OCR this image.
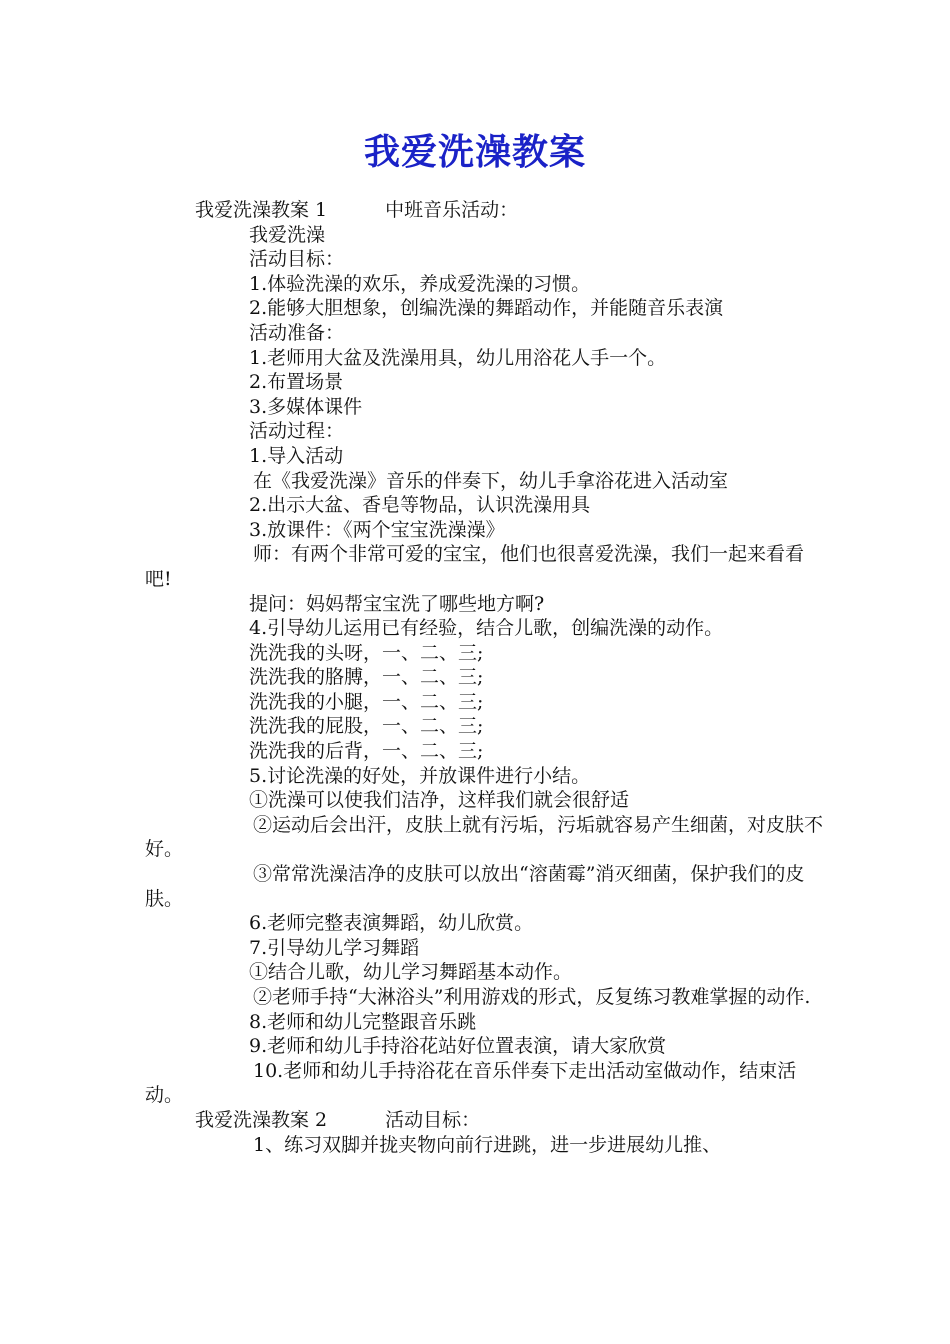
我爱洗澡教案

我爱洗澡教案 1	中班音乐活动：

我爱洗澡

活动目标：

1.体验洗澡的欢乐，养成爱洗澡的习惯。

2.能够大胆想象，创编洗澡的舞蹈动作，并能随音乐表演

活动准备：

1.老师用大盆及洗澡用具，幼儿用浴花人手一个。

2.布置场景

3.多媒体课件

活动过程：

1.导入活动

在《我爱洗澡》音乐的伴奏下，幼儿手拿浴花进入活动室

2.出示大盆、香皂等物品，认识洗澡用具

3.放课件：《两个宝宝洗澡澡》

师：有两个非常可爱的宝宝，他们也很喜爱洗澡，我们一起来看看吧!

提问：妈妈帮宝宝洗了哪些地方啊?

4.引导幼儿运用已有经验，结合儿歌，创编洗澡的动作。

洗洗我的头呀，一、二、三;

洗洗我的胳膊，一、二、三;

洗洗我的小腿，一、二、三;

洗洗我的屁股，一、二、三;

洗洗我的后背，一、二、三;

5.讨论洗澡的好处，并放课件进行小结。

①洗澡可以使我们洁净，这样我们就会很舒适

②运动后会出汗，皮肤上就有污垢，污垢就容易产生细菌，对皮肤不好。

③常常洗澡洁净的皮肤可以放出“溶菌霉”消灭细菌，保护我们的皮肤。

6.老师完整表演舞蹈，幼儿欣赏。

7.引导幼儿学习舞蹈

①结合儿歌，幼儿学习舞蹈基本动作。

②老师手持“大淋浴头”利用游戏的形式，反复练习教难掌握的动作.

8.老师和幼儿完整跟音乐跳

9.老师和幼儿手持浴花站好位置表演，请大家欣赏

10.老师和幼儿手持浴花在音乐伴奏下走出活动室做动作，结束活动。

我爱洗澡教案 2	活动目标：

1、练习双脚并拢夹物向前行进跳，进一步进展幼儿推、
